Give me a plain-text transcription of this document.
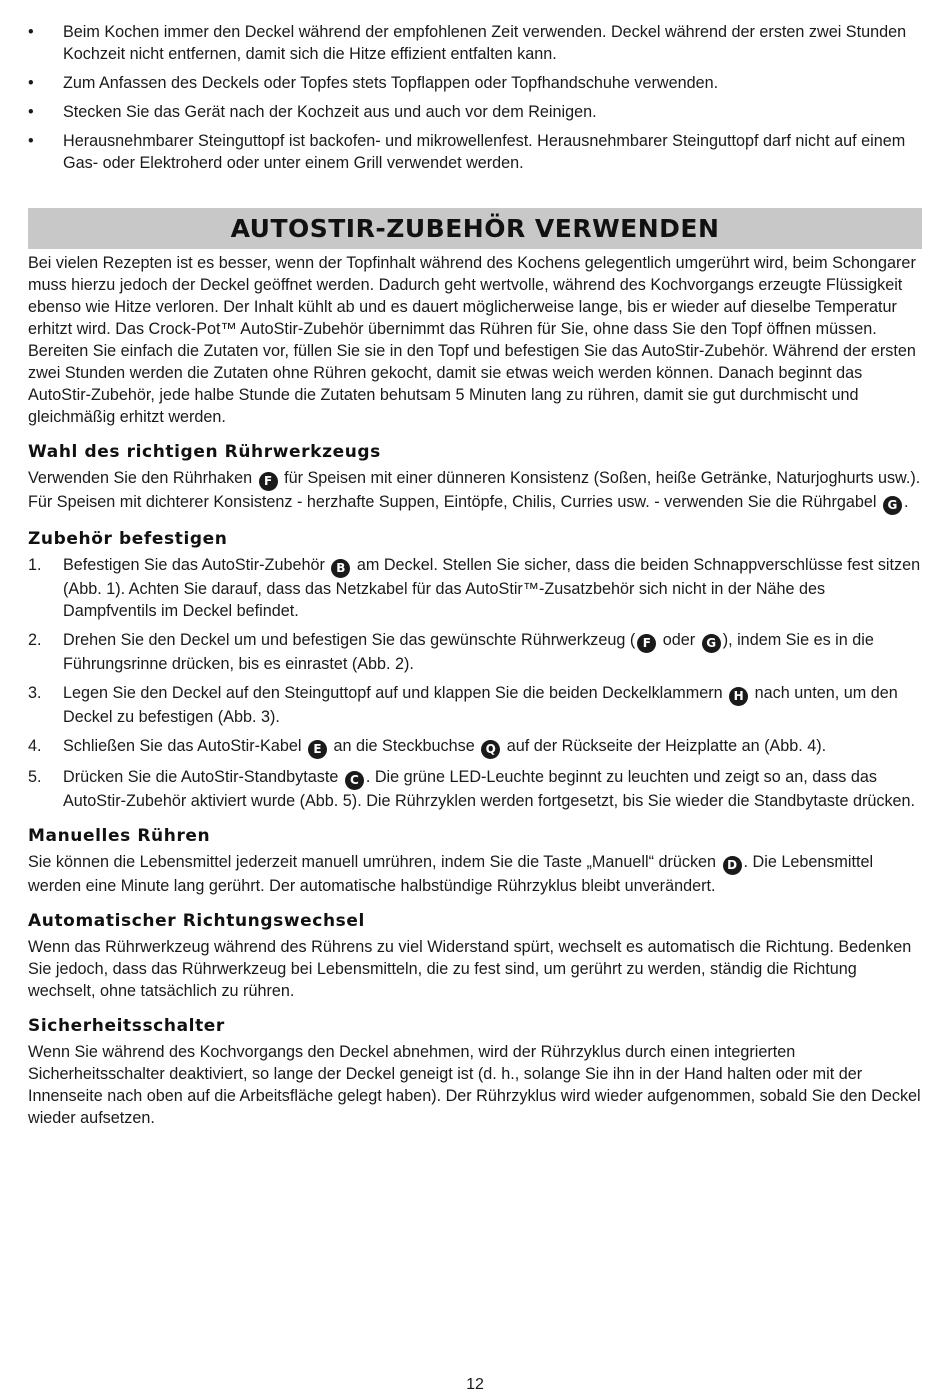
• Beim Kochen immer den Deckel während der empfohlenen Zeit verwenden. Deckel während der ersten zwei Stunden Kochzeit nicht entfernen, damit sich die Hitze effizient entfalten kann.
• Zum Anfassen des Deckels oder Topfes stets Topflappen oder Topfhandschuhe verwenden.
• Stecken Sie das Gerät nach der Kochzeit aus und auch vor dem Reinigen.
• Herausnehmbarer Steinguttopf ist backofen- und mikrowellenfest. Herausnehmbarer Steinguttopf darf nicht auf einem Gas- oder Elektroherd oder unter einem Grill verwendet werden.
AUTOSTIR-ZUBEHÖR VERWENDEN

Bei vielen Rezepten ist es besser, wenn der Topfinhalt während des Kochens gelegentlich umgerührt wird, beim Schongarer muss hierzu jedoch der Deckel geöffnet werden. Dadurch geht wertvolle, während des Kochvorgangs erzeugte Flüssigkeit ebenso wie Hitze verloren. Der Inhalt kühlt ab und es dauert möglicherweise lange, bis er wieder auf dieselbe Temperatur erhitzt wird. Das Crock-Pot™ AutoStir-Zubehör übernimmt das Rühren für Sie, ohne dass Sie den Topf öffnen müssen. Bereiten Sie einfach die Zutaten vor, füllen Sie sie in den Topf und befestigen Sie das AutoStir-Zubehör. Während der ersten zwei Stunden werden die Zutaten ohne Rühren gekocht, damit sie etwas weich werden können. Danach beginnt das AutoStir-Zubehör, jede halbe Stunde die Zutaten behutsam 5 Minuten lang zu rühren, damit sie gut durchmischt und gleichmäßig erhitzt werden.

Wahl des richtigen Rührwerkzeugs

Verwenden Sie den Rührhaken F für Speisen mit einer dünneren Konsistenz (Soßen, heiße Getränke, Naturjoghurts usw.). Für Speisen mit dichterer Konsistenz - herzhafte Suppen, Eintöpfe, Chilis, Curries usw. - verwenden Sie die Rührgabel G .

Zubehör befestigen
1. Befestigen Sie das AutoStir-Zubehör B am Deckel. Stellen Sie sicher, dass die beiden Schnappverschlüsse fest sitzen (Abb. 1). Achten Sie darauf, dass das Netzkabel für das AutoStir™-Zusatzbehör sich nicht in der Nähe des Dampfventils im Deckel befindet.
2. Drehen Sie den Deckel um und befestigen Sie das gewünschte Rührwerkzeug ( F oder G ), indem Sie es in die Führungsrinne drücken, bis es einrastet (Abb. 2).
3. Legen Sie den Deckel auf den Steinguttopf auf und klappen Sie die beiden Deckelklammern H nach unten, um den Deckel zu befestigen (Abb. 3).
4. Schließen Sie das AutoStir-Kabel E an die Steckbuchse Q auf der Rückseite der Heizplatte an (Abb. 4).
5. Drücken Sie die AutoStir-Standbytaste C . Die grüne LED-Leuchte beginnt zu leuchten und zeigt so an, dass das AutoStir-Zubehör aktiviert wurde (Abb. 5). Die Rührzyklen werden fortgesetzt, bis Sie wieder die Standbytaste drücken.
Manuelles Rühren

Sie können die Lebensmittel jederzeit manuell umrühren, indem Sie die Taste „Manuell“ drücken D . Die Lebensmittel werden eine Minute lang gerührt. Der automatische halbstündige Rührzyklus bleibt unverändert.

Automatischer Richtungswechsel

Wenn das Rührwerkzeug während des Rührens zu viel Widerstand spürt, wechselt es automatisch die Richtung. Bedenken Sie jedoch, dass das Rührwerkzeug bei Lebensmitteln, die zu fest sind, um gerührt zu werden, ständig die Richtung wechselt, ohne tatsächlich zu rühren.

Sicherheitsschalter

Wenn Sie während des Kochvorgangs den Deckel abnehmen, wird der Rührzyklus durch einen integrierten Sicherheitsschalter deaktiviert, so lange der Deckel geneigt ist (d. h., solange Sie ihn in der Hand halten oder mit der Innenseite nach oben auf die Arbeitsfläche gelegt haben). Der Rührzyklus wird wieder aufgenommen, sobald Sie den Deckel wieder aufsetzen.

12
